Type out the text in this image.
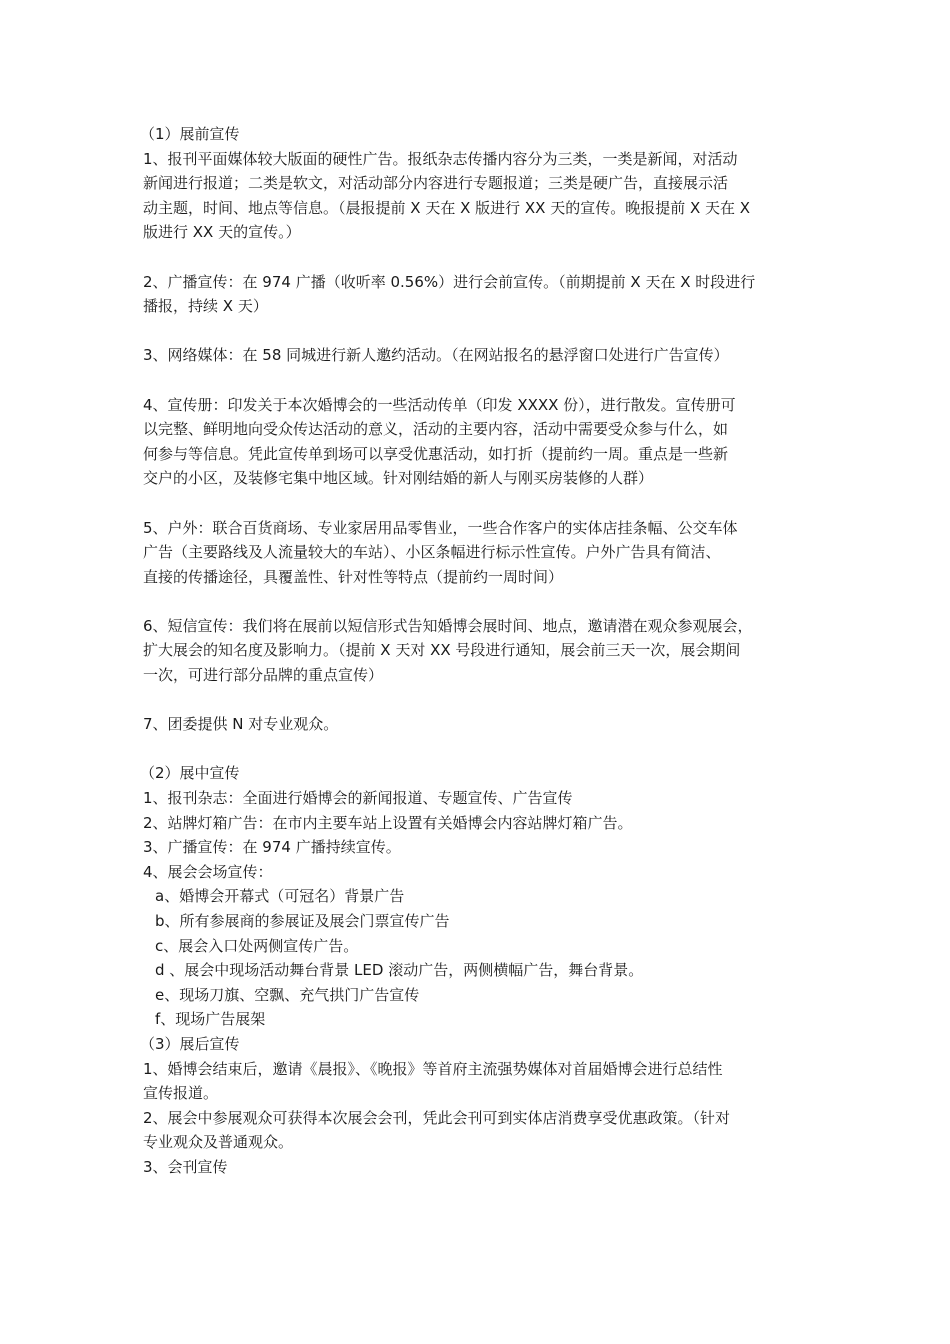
（1）展前宣传
1、报刊平面媒体较大版面的硬性广告。报纸杂志传播内容分为三类，一类是新闻，对活动
新闻进行报道；二类是软文，对活动部分内容进行专题报道；三类是硬广告，直接展示活
动主题，时间、地点等信息。（晨报提前 X 天在 X 版进行 XX 天的宣传。晚报提前 X 天在 X
版进行 XX 天的宣传。）
2、广播宣传：在 974 广播（收听率 0.56%）进行会前宣传。（前期提前 X 天在 X 时段进行
播报，持续 X 天）
3、网络媒体：在 58 同城进行新人邀约活动。（在网站报名的悬浮窗口处进行广告宣传）
4、宣传册：印发关于本次婚博会的一些活动传单（印发 XXXX 份），进行散发。宣传册可
以完整、鲜明地向受众传达活动的意义，活动的主要内容，活动中需要受众参与什么，如
何参与等信息。凭此宣传单到场可以享受优惠活动，如打折（提前约一周。重点是一些新
交户的小区，及装修宅集中地区域。针对刚结婚的新人与刚买房装修的人群）
5、户外：联合百货商场、专业家居用品零售业，一些合作客户的实体店挂条幅、公交车体
广告（主要路线及人流量较大的车站）、小区条幅进行标示性宣传。户外广告具有简洁、
直接的传播途径，具覆盖性、针对性等特点（提前约一周时间）
6、短信宣传：我们将在展前以短信形式告知婚博会展时间、地点，邀请潜在观众参观展会，
扩大展会的知名度及影响力。（提前 X 天对 XX 号段进行通知，展会前三天一次，展会期间
一次，可进行部分品牌的重点宣传）
7、团委提供 N 对专业观众。
（2）展中宣传
1、报刊杂志：全面进行婚博会的新闻报道、专题宣传、广告宣传
2、站牌灯箱广告：在市内主要车站上设置有关婚博会内容站牌灯箱广告。
3、广播宣传：在 974 广播持续宣传。
4、展会会场宣传：
a、婚博会开幕式（可冠名）背景广告
b、所有参展商的参展证及展会门票宣传广告
c、展会入口处两侧宣传广告。
d 、展会中现场活动舞台背景 LED 滚动广告，两侧横幅广告，舞台背景。
e、现场刀旗、空飘、充气拱门广告宣传
f、现场广告展架
（3）展后宣传
1、婚博会结束后，邀请《晨报》、《晚报》等首府主流强势媒体对首届婚博会进行总结性
宣传报道。
2、展会中参展观众可获得本次展会会刊，凭此会刊可到实体店消费享受优惠政策。（针对
专业观众及普通观众。
3、会刊宣传
